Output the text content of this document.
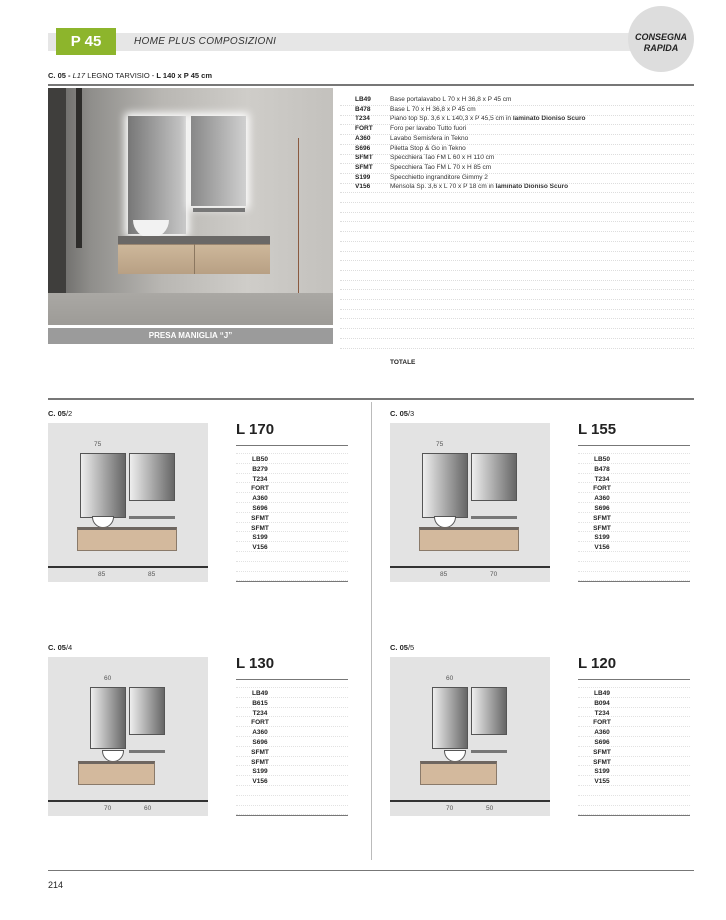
P 45	HOME PLUS COMPOSIZIONI	CONSEGNA
RAPIDA
C. 05 - L17 LEGNO TARVISIO - L 140 x P 45 cm
PRESA MANIGLIA “J”
LB49	Base portalavabo L 70 x H 36,8 x P 45 cm
B478	Base L 70 x H 36,8 x P 45 cm
T234	Piano top Sp. 3,6 x L 140,3 x P 45,5 cm in laminato Dioniso Scuro
FORT	Foro per lavabo Tutto fuori
A360	Lavabo Semisfera in Tekno
S696	Piletta Stop & Go in Tekno
SFMT	Specchiera Tao FM L 60 x H 110 cm
SFMT	Specchiera Tao FM L 70 x H 85 cm
S199	Specchietto ingranditore Gimmy 2
V156	Mensola Sp. 3,6 x L 70 x P 18 cm in laminato Dioniso Scuro
TOTALE
C. 05/2
75
85	85
L 170
LB50
B279
T234
FORT
A360
S696
SFMT
SFMT
S199
V156
C. 05/3
75
85	70
L 155
LB50
B478
T234
FORT
A360
S696
SFMT
SFMT
S199
V156
C. 05/4
60
70	60
L 130
LB49
B615
T234
FORT
A360
S696
SFMT
SFMT
S199
V156
C. 05/5
60
70	50
L 120
LB49
B094
T234
FORT
A360
S696
SFMT
SFMT
S199
V155
214
